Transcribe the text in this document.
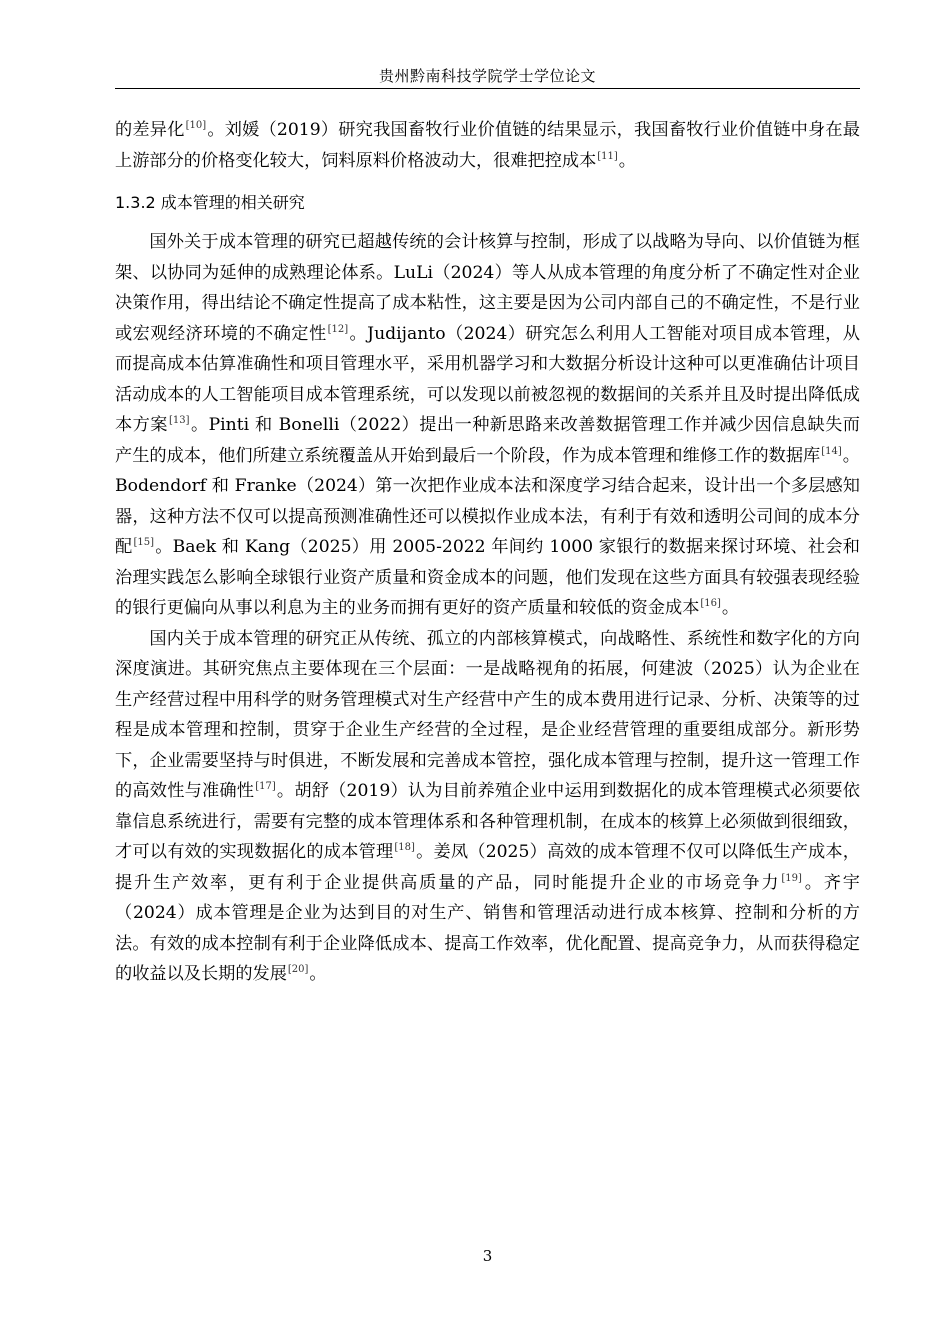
贵州黔南科技学院学士学位论文

的差异化[10]。刘媛（2019）研究我国畜牧行业价值链的结果显示，我国畜牧行业价值链中身在最上游部分的价格变化较大，饲料原料价格波动大，很难把控成本[11]。

1.3.2 成本管理的相关研究

国外关于成本管理的研究已超越传统的会计核算与控制，形成了以战略为导向、以价值链为框架、以协同为延伸的成熟理论体系。LuLi（2024）等人从成本管理的角度分析了不确定性对企业决策作用，得出结论不确定性提高了成本粘性，这主要是因为公司内部自己的不确定性，不是行业或宏观经济环境的不确定性[12]。Judijanto（2024）研究怎么利用人工智能对项目成本管理，从而提高成本估算准确性和项目管理水平，采用机器学习和大数据分析设计这种可以更准确估计项目活动成本的人工智能项目成本管理系统，可以发现以前被忽视的数据间的关系并且及时提出降低成本方案[13]。Pinti 和 Bonelli（2022）提出一种新思路来改善数据管理工作并减少因信息缺失而产生的成本，他们所建立系统覆盖从开始到最后一个阶段，作为成本管理和维修工作的数据库[14]。Bodendorf 和 Franke（2024）第一次把作业成本法和深度学习结合起来，设计出一个多层感知器，这种方法不仅可以提高预测准确性还可以模拟作业成本法，有利于有效和透明公司间的成本分配[15]。Baek 和 Kang（2025）用 2005-2022 年间约 1000 家银行的数据来探讨环境、社会和治理实践怎么影响全球银行业资产质量和资金成本的问题，他们发现在这些方面具有较强表现经验的银行更偏向从事以利息为主的业务而拥有更好的资产质量和较低的资金成本[16]。

国内关于成本管理的研究正从传统、孤立的内部核算模式，向战略性、系统性和数字化的方向深度演进。其研究焦点主要体现在三个层面：一是战略视角的拓展，何建波（2025）认为企业在生产经营过程中用科学的财务管理模式对生产经营中产生的成本费用进行记录、分析、决策等的过程是成本管理和控制，贯穿于企业生产经营的全过程，是企业经营管理的重要组成部分。新形势下，企业需要坚持与时俱进，不断发展和完善成本管控，强化成本管理与控制，提升这一管理工作的高效性与准确性[17]。胡舒（2019）认为目前养殖企业中运用到数据化的成本管理模式必须要依靠信息系统进行，需要有完整的成本管理体系和各种管理机制，在成本的核算上必须做到很细致，才可以有效的实现数据化的成本管理[18]。姜凤（2025）高效的成本管理不仅可以降低生产成本，提升生产效率，更有利于企业提供高质量的产品，同时能提升企业的市场竞争力[19]。齐宇（2024）成本管理是企业为达到目的对生产、销售和管理活动进行成本核算、控制和分析的方法。有效的成本控制有利于企业降低成本、提高工作效率，优化配置、提高竞争力，从而获得稳定的收益以及长期的发展[20]。

3
